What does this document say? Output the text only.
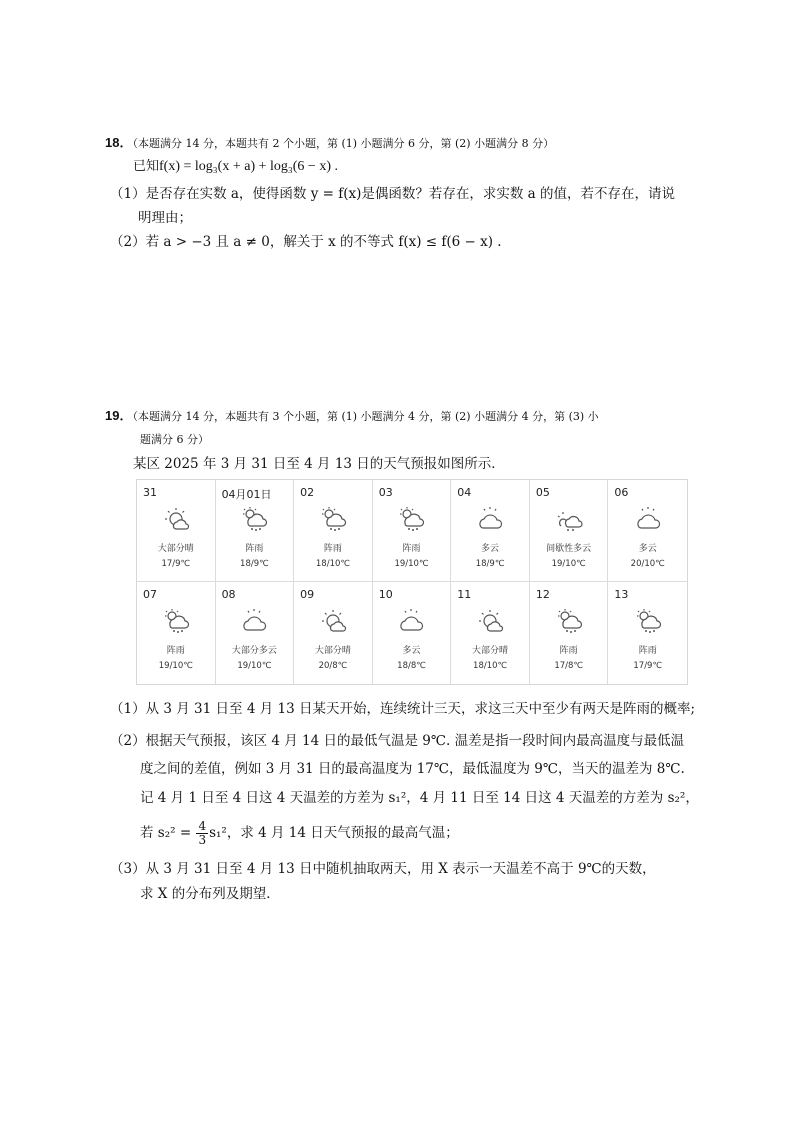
18．（本题满分 14 分，本题共有 2 个小题，第 (1) 小题满分 6 分，第 (2) 小题满分 8 分）
已知f(x) = log₃(x + a) + log₃(6 − x) .
（1）是否存在实数 a，使得函数 y = f(x)是偶函数？若存在，求实数 a 的值，若不存在，请说
明理由；
（2）若 a > −3 且 a ≠ 0，解关于 x 的不等式 f(x) ≤ f(6 − x) .
19．（本题满分 14 分，本题共有 3 个小题，第 (1) 小题满分 4 分，第 (2) 小题满分 4 分，第 (3) 小
题满分 6 分）
某区 2025 年 3 月 31 日至 4 月 13 日的天气预报如图所示．
31
大部分晴
17/9℃
04月01日
阵雨
18/9℃
02
阵雨
18/10℃
03
阵雨
19/10℃
04
多云
18/9℃
05
间歇性多云
19/10℃
06
多云
20/10℃
07
阵雨
19/10℃
08
大部分多云
19/10℃
09
大部分晴
20/8℃
10
多云
18/8℃
11
大部分晴
18/10℃
12
阵雨
17/8℃
13
阵雨
17/9℃
（1）从 3 月 31 日至 4 月 13 日某天开始，连续统计三天，求这三天中至少有两天是阵雨的概率;
（2）根据天气预报，该区 4 月 14 日的最低气温是 9℃. 温差是指一段时间内最高温度与最低温
度之间的差值，例如 3 月 31 日的最高温度为 17℃，最低温度为 9℃，当天的温差为 8℃.
记 4 月 1 日至 4 日这 4 天温差的方差为 s₁²，4 月 11 日至 14 日这 4 天温差的方差为 s₂²，
若 $s_2^2 = \frac{4}{3} s_1^2$，求 4 月 14 日天气预报的最高气温；
（3）从 3 月 31 日至 4 月 13 日中随机抽取两天，用 X 表示一天温差不高于 9℃的天数，
求 X 的分布列及期望．
